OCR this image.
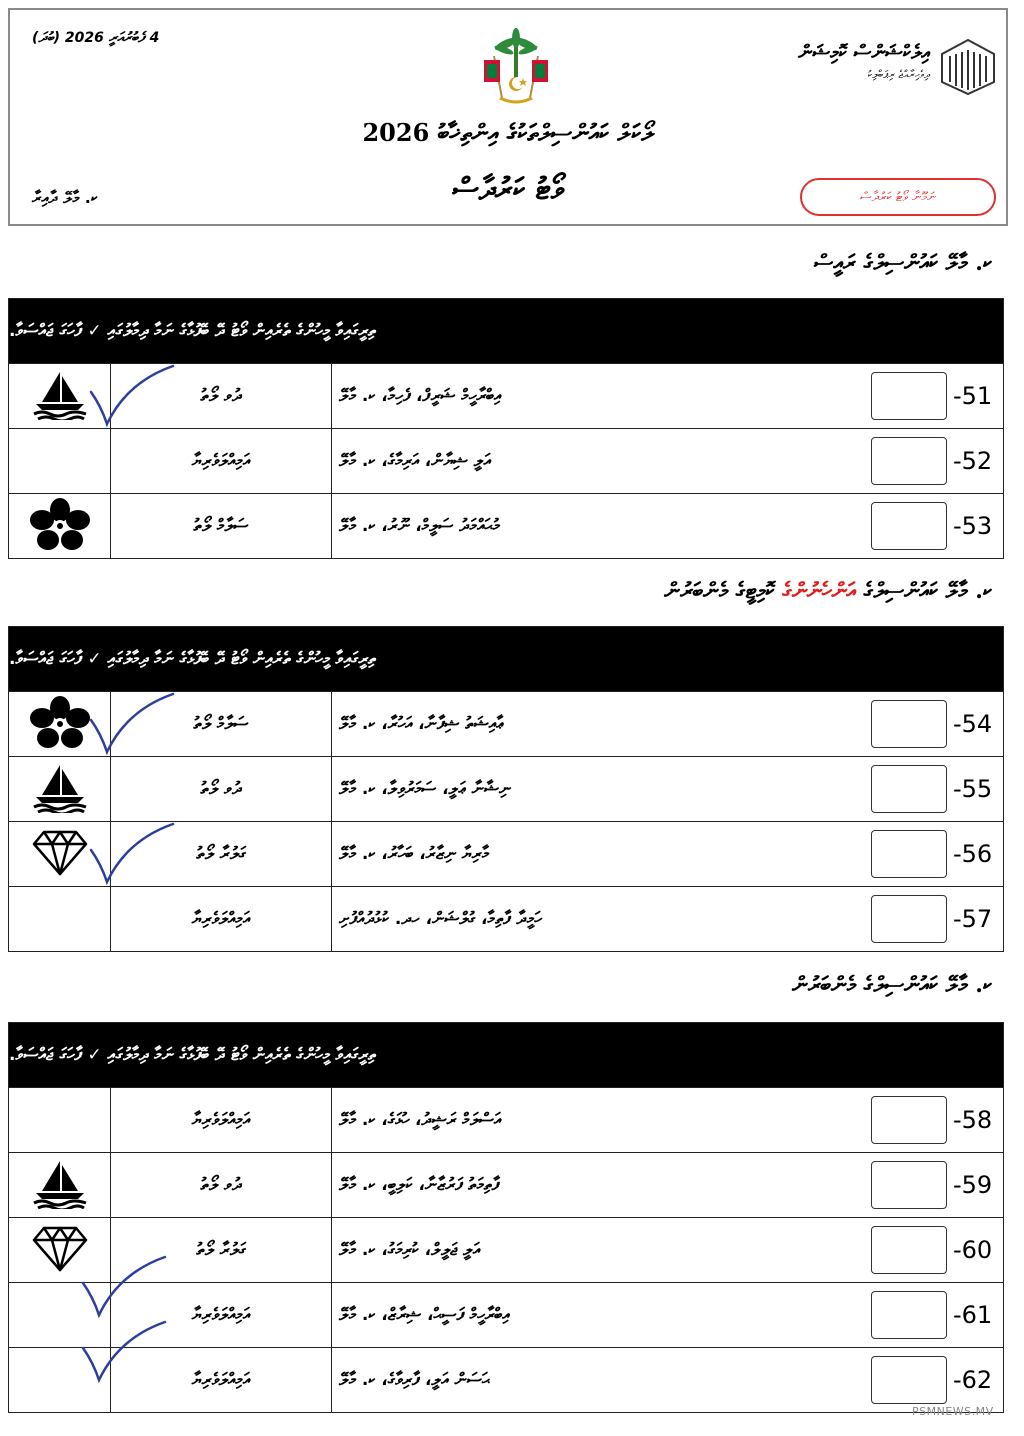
4 ފެބުރުއަރީ 2026 (ބުދަ)
އިލެކްޝަންސް ކޮމިޝަން
ދިވެހިރާއްޖެ ރިޕަބްލިކު
ލޯކަލް ކައުންސިލްތަކުގެ އިންތިޚާބު 2026
ވޯޓު ކަރުދާސް	ނަމޫނާ ވޯޓު ކަރުދާސް
ކ. މާލޭ ދާއިރާ
ކ. މާލޭ ކައުންސިލްގެ ރައީސް
ތިރީގައިވާ މީހުންގެ ތެރެއިން ވޯޓު ދޭ ބޭފުޅާގެ ނަމާ ދިމާލުގައި ✓ ފާހަގަ ޖައްސަވާ.
ދުވ ލޯތު	އިބްރާހީމް ޝަރީފް، ފެހިމާ، ކ. މާލޭ	-51
އަމިއްލަވެރިޔާ	އަލީ ޝިޔާން، އަރިމާގެ، ކ. މާލޭ	-52
ސަލާމް ލޯތު	މުޙައްމަދު ސަލީމް، ނޫރު، ކ. މާލޭ	-53
ކ. މާލޭ ކައުންސިލްގެ އަންހެނުންގެ ކޮމިޓީގެ މެންބަރުން
ތިރީގައިވާ މީހުންގެ ތެރެއިން ވޯޓު ދޭ ބޭފުޅާގެ ނަމާ ދިމާލުގައި ✓ ފާހަގަ ޖައްސަވާ.
ސަލާމް ލޯތު	ޢާއިޝަތު ޝިފާނާ، އަހުރާ، ކ. މާލޭ	-54
ދުވ ލޯތު	ނިޝާނާ ޢަލީ، ސަމަރުވިލާ، ކ. މާލޭ	-55
ގަލުރާ ލޯތު	މާރިޔާ ނިޒާރު، ބަހާރު، ކ. މާލޭ	-56
އަމިއްލަވެރިޔާ	ހަމީދާ ފާތިމާ، ގުލްޝަން، ހދ. ކުޅުދުއްފުށި	-57
ކ. މާލޭ ކައުންސިލްގެ މެންބަރުން
ތިރީގައިވާ މީހުންގެ ތެރެއިން ވޯޓު ދޭ ބޭފުޅާގެ ނަމާ ދިމާލުގައި ✓ ފާހަގަ ޖައްސަވާ.
އަމިއްލަވެރިޔާ	އަސްލަމް ރަޝީދު، ހުޅަގެ، ކ. މާލޭ	-58
ދުވ ލޯތު	ފާތިމަތު ފަރުޒާނާ، ކަލިބީ، ކ. މާލޭ	-59
ގަލުރާ ލޯތު	އަލީ ޖަލީލް، ކުރިމަގު، ކ. މާލޭ	-60
އަމިއްލަވެރިޔާ	އިބްރާހީމް ފަސީޙް، ޝިރާޒް، ކ. މާލޭ	-61
އަމިއްލަވެރިޔާ	ޙަސަން އަލީ، ފާރިވާގެ، ކ. މާލޭ	-62
PSMNEWS.MV
